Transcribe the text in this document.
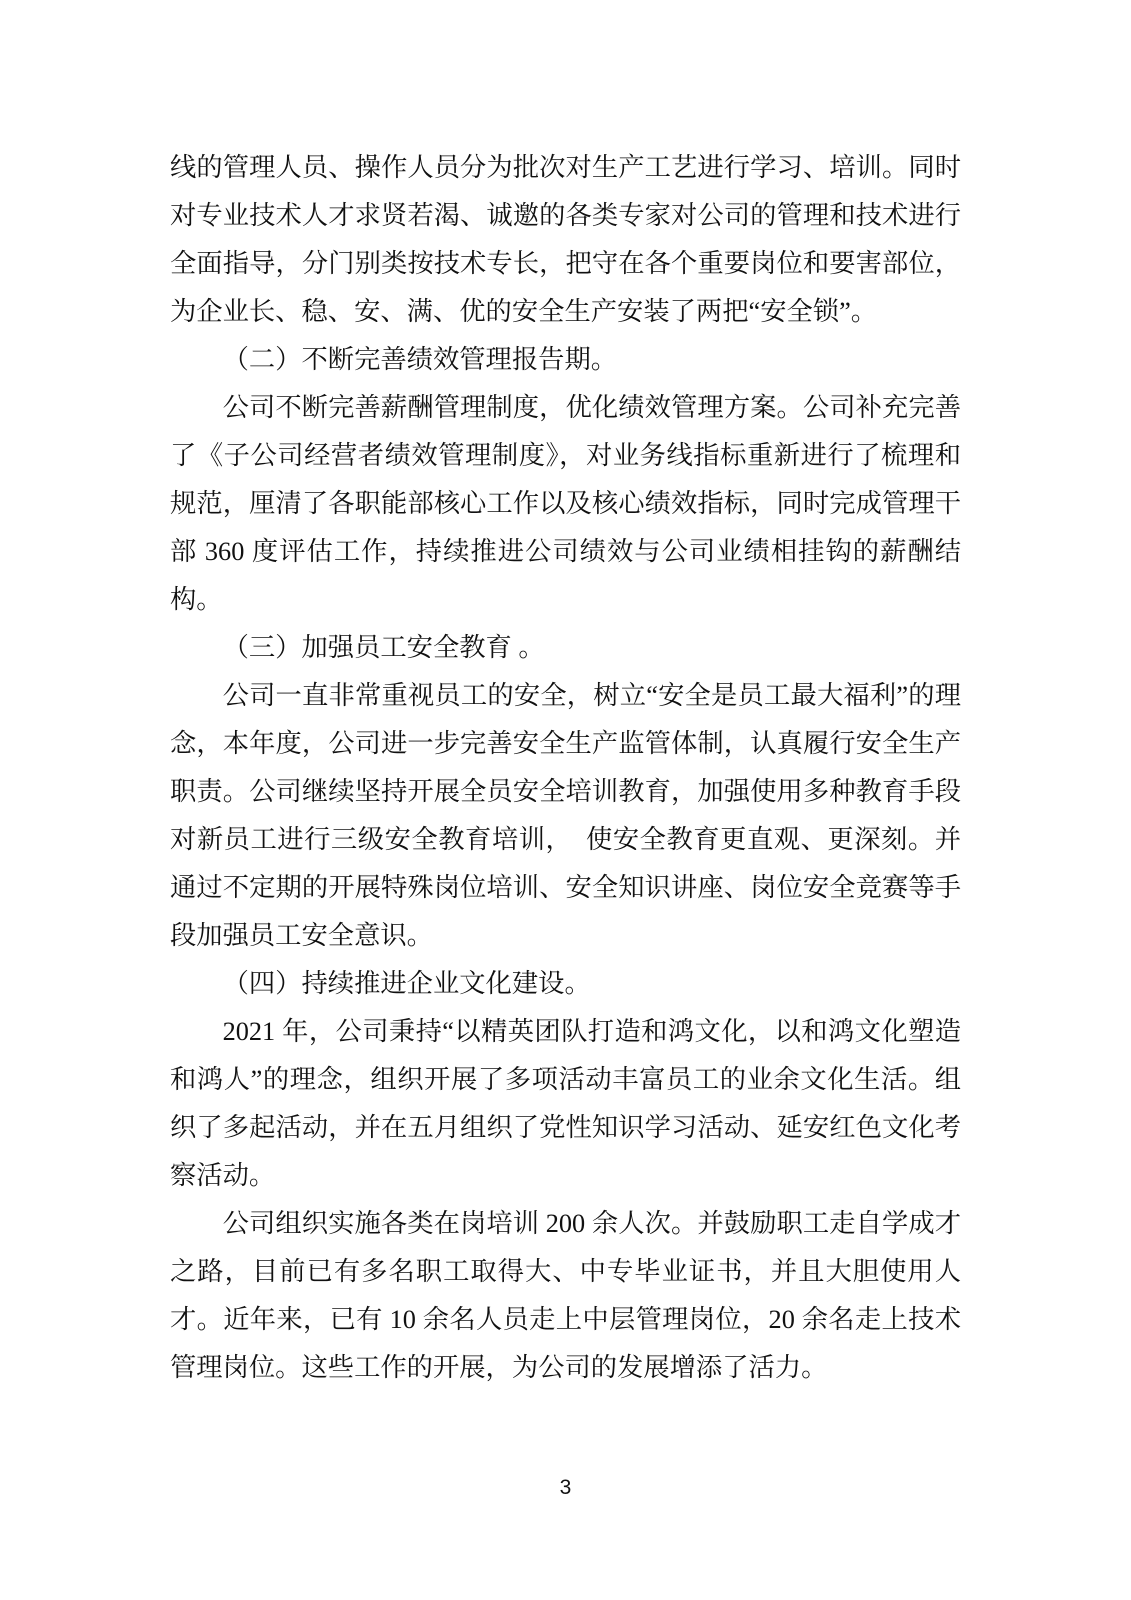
线的管理人员、操作人员分为批次对生产工艺进行学习、培训。同时对专业技术人才求贤若渴、诚邀的各类专家对公司的管理和技术进行全面指导，分门别类按技术专长，把守在各个重要岗位和要害部位，为企业长、稳、安、满、优的安全生产安装了两把“安全锁”。

（二）不断完善绩效管理报告期。

公司不断完善薪酬管理制度，优化绩效管理方案。公司补充完善了《子公司经营者绩效管理制度》，对业务线指标重新进行了梳理和规范，厘清了各职能部核心工作以及核心绩效指标，同时完成管理干部 360 度评估工作，持续推进公司绩效与公司业绩相挂钩的薪酬结构。

（三）加强员工安全教育 。

公司一直非常重视员工的安全，树立“安全是员工最大福利”的理念，本年度，公司进一步完善安全生产监管体制，认真履行安全生产职责。公司继续坚持开展全员安全培训教育，加强使用多种教育手段对新员工进行三级安全教育培训，　使安全教育更直观、更深刻。并通过不定期的开展特殊岗位培训、安全知识讲座、岗位安全竞赛等手段加强员工安全意识。

（四）持续推进企业文化建设。

2021 年，公司秉持“以精英团队打造和鸿文化，以和鸿文化塑造和鸿人”的理念，组织开展了多项活动丰富员工的业余文化生活。组织了多起活动，并在五月组织了党性知识学习活动、延安红色文化考察活动。

公司组织实施各类在岗培训 200 余人次。并鼓励职工走自学成才之路，目前已有多名职工取得大、中专毕业证书，并且大胆使用人才。近年来，已有 10 余名人员走上中层管理岗位，20 余名走上技术管理岗位。这些工作的开展，为公司的发展增添了活力。

3
